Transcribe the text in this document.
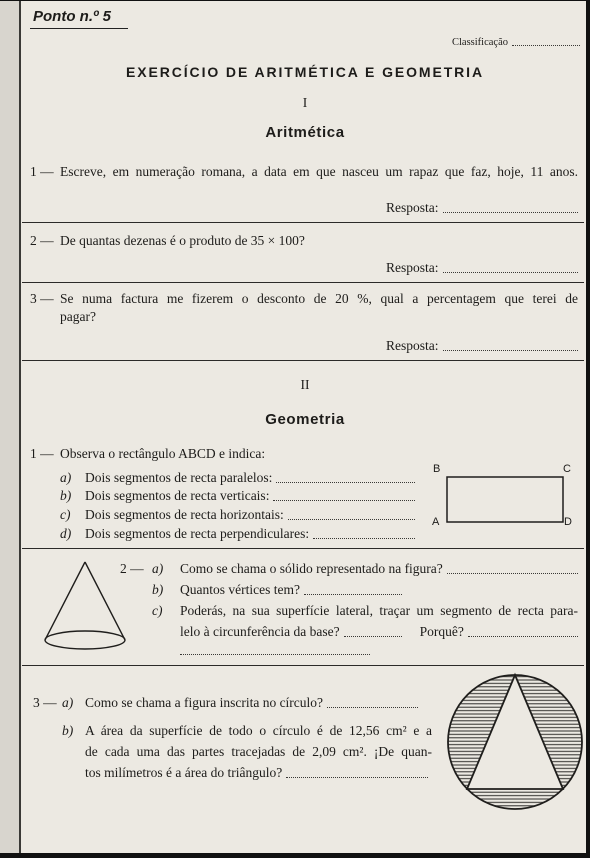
Ponto n.º 5
Classificação
EXERCÍCIO DE ARITMÉTICA E GEOMETRIA
I
Aritmética
1 — Escreve, em numeração romana, a data em que nasceu um rapaz que faz, hoje, 11 anos.
Resposta:
2 — De quantas dezenas é o produto de 35 × 100?
Resposta:
3 — Se numa factura me fizerem o desconto de 20 %, qual a percentagem que terei de
pagar?
Resposta:
II
Geometria
1 — Observa o rectângulo ABCD e indica:
a)	Dois segmentos de recta paralelos:
b)	Dois segmentos de recta verticais:
c)	Dois segmentos de recta horizontais:
d)	Dois segmentos de recta perpendiculares:
B	C
A	D
2 — a)	Como se chama o sólido representado na figura?
b)	Quantos vértices tem?
c)	Poderás, na sua superfície lateral, traçar um segmento de recta para-
lelo à circunferência da base?	Porquê?
3 — a) Como se chama a figura inscrita no círculo?
b) A área da superfície de todo o círculo é de 12,56 cm² e a
de cada uma das partes tracejadas de 2,09 cm². ¡De quan-
tos milímetros é a área do triângulo?
